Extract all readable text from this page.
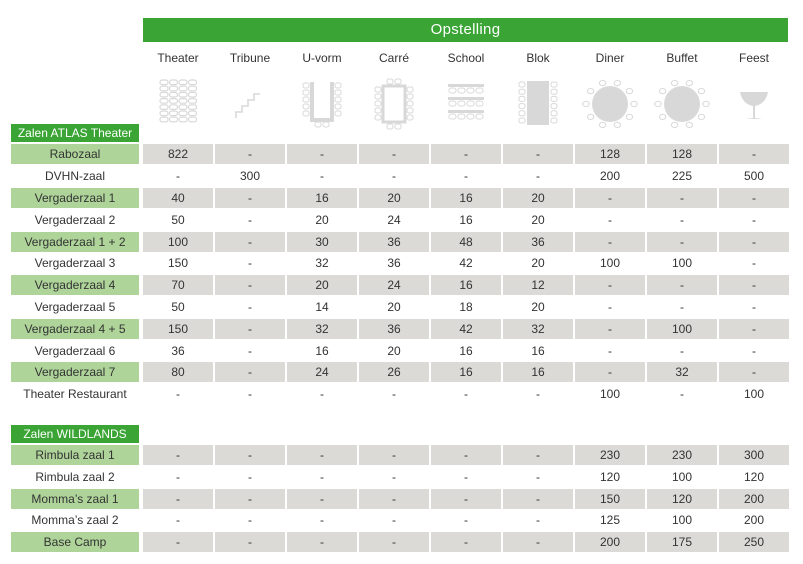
Opstelling
Theater	Tribune	U-vorm	Carré	School	Blok	Diner	Buffet	Feest
Zalen ATLAS Theater
Rabozaal	822	-	-	-	-	-	128	128	-
DVHN-zaal	-	300	-	-	-	-	200	225	500
Vergaderzaal 1	40	-	16	20	16	20	-	-	-
Vergaderzaal 2	50	-	20	24	16	20	-	-	-
Vergaderzaal 1 + 2	100	-	30	36	48	36	-	-	-
Vergaderzaal 3	150	-	32	36	42	20	100	100	-
Vergaderzaal 4	70	-	20	24	16	12	-	-	-
Vergaderzaal 5	50	-	14	20	18	20	-	-	-
Vergaderzaal 4 + 5	150	-	32	36	42	32	-	100	-
Vergaderzaal 6	36	-	16	20	16	16	-	-	-
Vergaderzaal 7	80	-	24	26	16	16	-	32	-
Theater Restaurant	-	-	-	-	-	-	100	-	100
Zalen WILDLANDS
Rimbula zaal 1	-	-	-	-	-	-	230	230	300
Rimbula zaal 2	-	-	-	-	-	-	120	100	120
Momma’s zaal 1	-	-	-	-	-	-	150	120	200
Momma’s zaal 2	-	-	-	-	-	-	125	100	200
Base Camp	-	-	-	-	-	-	200	175	250
